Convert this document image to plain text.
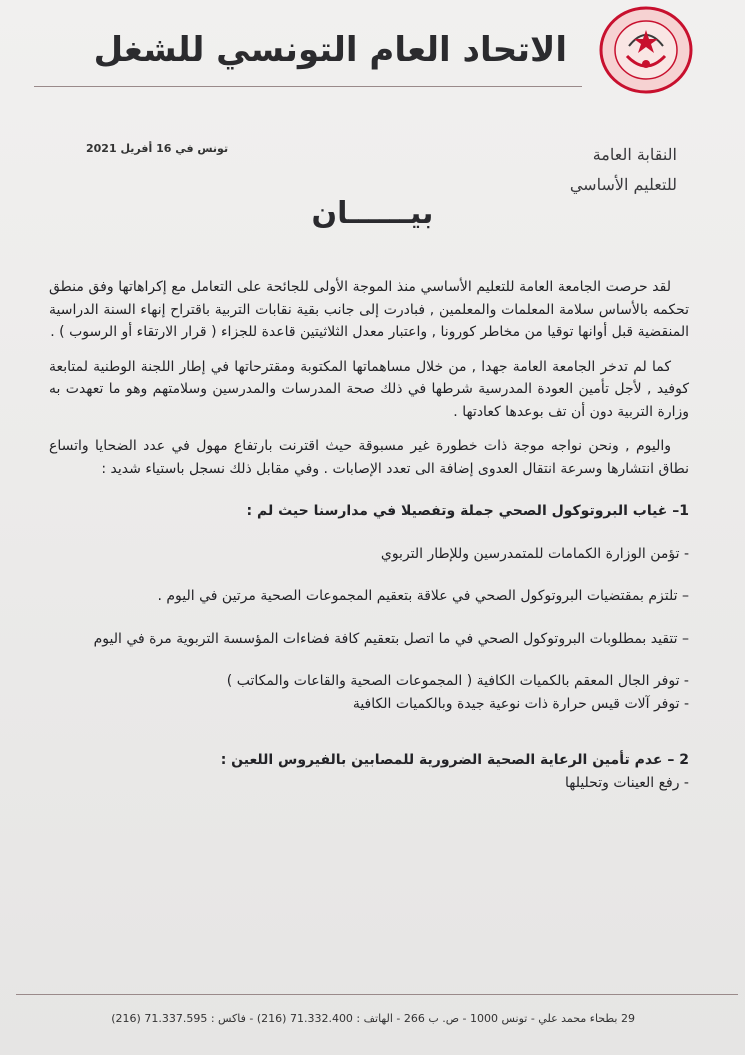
الاتحاد العام التونسي للشغل
النقابة العامة
للتعليم الأساسي
تونس في 16 أفريل 2021
بيــــــان

لقد حرصت الجامعة العامة للتعليم الأساسي منذ الموجة الأولى للجائحة على التعامل مع إكراهاتها وفق منطق تحكمه بالأساس سلامة المعلمات والمعلمين , فبادرت إلى جانب بقية نقابات التربية باقتراح إنهاء السنة الدراسية المنقضية قبل أوانها توقيا من مخاطر كورونا , واعتبار معدل الثلاثيتين قاعدة للجزاء ( قرار الارتقاء أو الرسوب ) .

كما لم تدخر الجامعة العامة جهدا , من خلال مساهماتها المكتوبة ومقترحاتها في إطار اللجنة الوطنية لمتابعة كوفيد , لأجل تأمين العودة المدرسية شرطها في ذلك صحة المدرسات والمدرسين وسلامتهم وهو ما تعهدت به وزارة التربية دون أن تف بوعدها كعادتها .

واليوم , ونحن نواجه موجة ذات خطورة غير مسبوقة حيث اقترنت بارتفاع مهول في عدد الضحايا واتساع نطاق انتشارها وسرعة انتقال العدوى إضافة الى تعدد الإصابات . وفي مقابل ذلك نسجل باستياء شديد :

1– غياب البروتوكول الصحي جملة وتفصيلا في مدارسنا حيث لم :

- تؤمن الوزارة الكمامات للمتمدرسين وللإطار التربوي

– تلتزم بمقتضيات البروتوكول الصحي في علاقة بتعقيم المجموعات الصحية مرتين في اليوم .

– تتقيد بمطلوبات البروتوكول الصحي في ما اتصل بتعقيم كافة فضاءات المؤسسة التربوية مرة في اليوم

- توفر الجال المعقم بالكميات الكافية ( المجموعات الصحية والقاعات والمكاتب )

- توفر آلات قيس حرارة ذات نوعية جيدة وبالكميات الكافية

2 – عدم تأمين الرعاية الصحية الضرورية للمصابين بالفيروس اللعين :

- رفع العينات وتحليلها

29 بطحاء محمد علي - تونس 1000 - ص. ب 266 - الهاتف : 71.332.400 (216) - فاكس : 71.337.595 (216)
